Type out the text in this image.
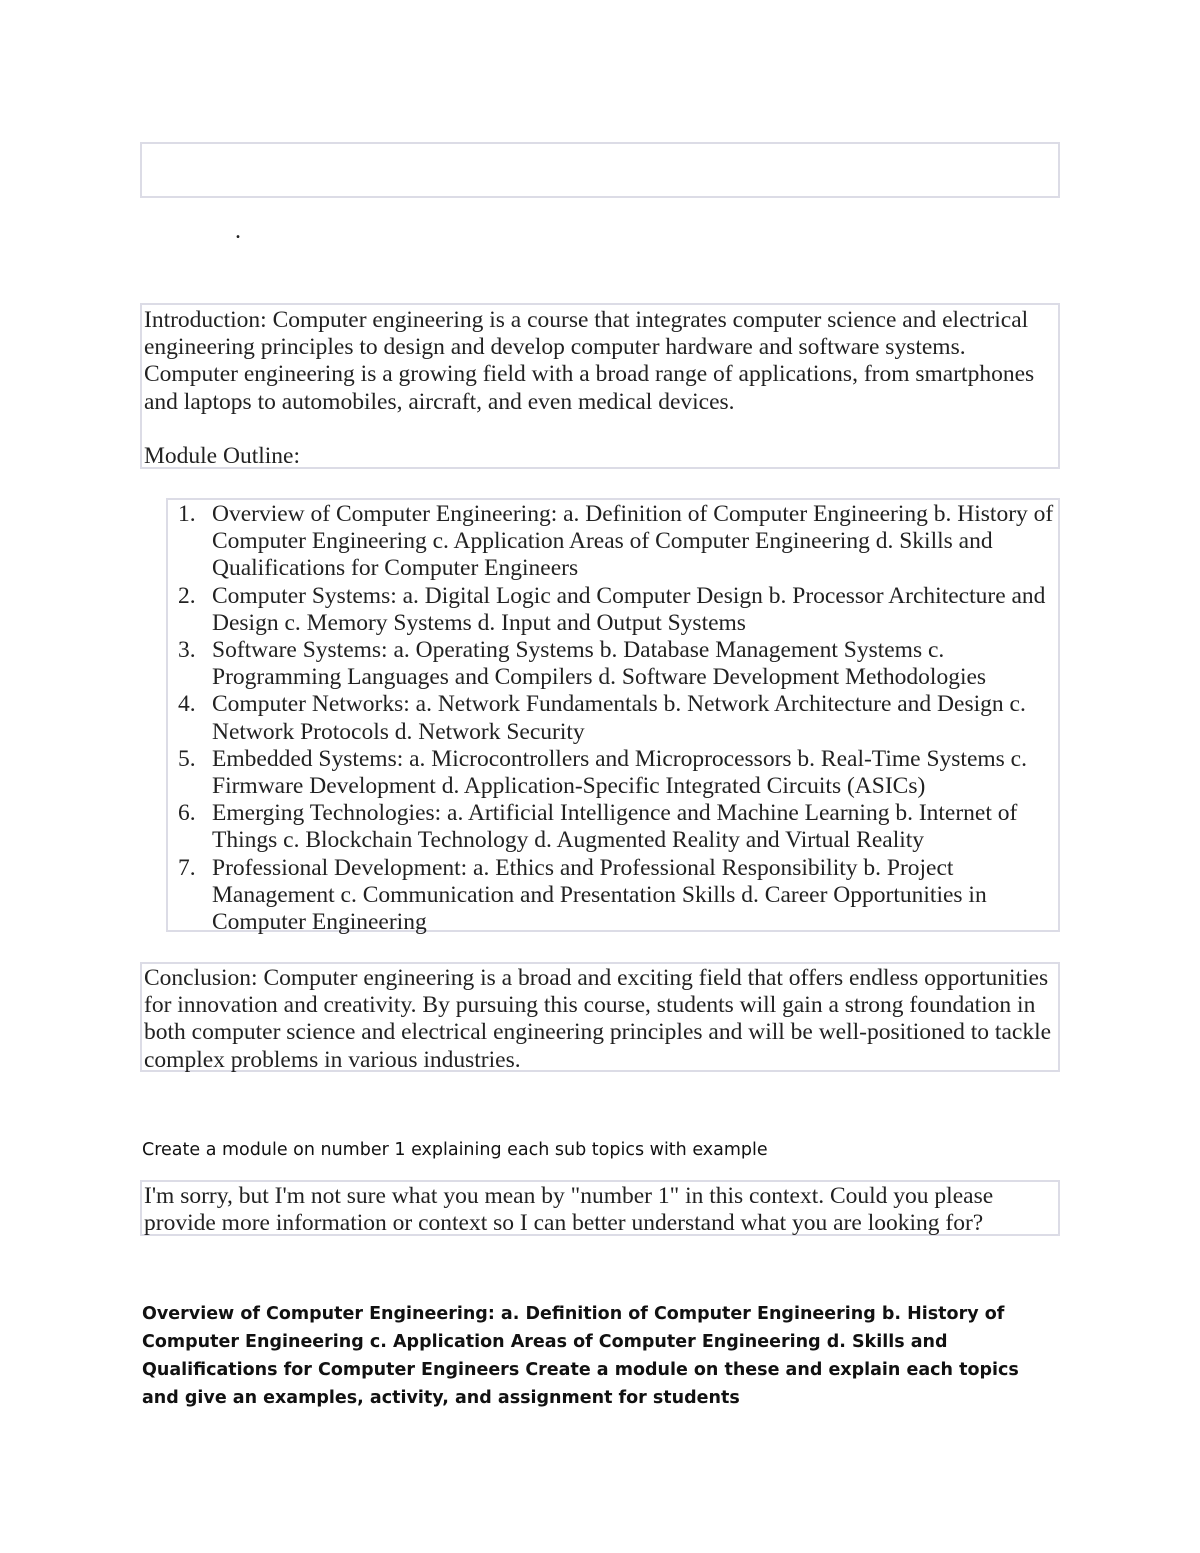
.

Introduction: Computer engineering is a course that integrates computer science and electrical engineering principles to design and develop computer hardware and software systems. Computer engineering is a growing field with a broad range of applications, from smartphones and laptops to automobiles, aircraft, and even medical devices.

Module Outline:

1. Overview of Computer Engineering: a. Definition of Computer Engineering b. History of Computer Engineering c. Application Areas of Computer Engineering d. Skills and Qualifications for Computer Engineers
2. Computer Systems: a. Digital Logic and Computer Design b. Processor Architecture and Design c. Memory Systems d. Input and Output Systems
3. Software Systems: a. Operating Systems b. Database Management Systems c. Programming Languages and Compilers d. Software Development Methodologies
4. Computer Networks: a. Network Fundamentals b. Network Architecture and Design c. Network Protocols d. Network Security
5. Embedded Systems: a. Microcontrollers and Microprocessors b. Real-Time Systems c. Firmware Development d. Application-Specific Integrated Circuits (ASICs)
6. Emerging Technologies: a. Artificial Intelligence and Machine Learning b. Internet of Things c. Blockchain Technology d. Augmented Reality and Virtual Reality
7. Professional Development: a. Ethics and Professional Responsibility b. Project Management c. Communication and Presentation Skills d. Career Opportunities in Computer Engineering

Conclusion: Computer engineering is a broad and exciting field that offers endless opportunities for innovation and creativity. By pursuing this course, students will gain a strong foundation in both computer science and electrical engineering principles and will be well-positioned to tackle complex problems in various industries.

Create a module on number 1 explaining each sub topics with example

I'm sorry, but I'm not sure what you mean by "number 1" in this context. Could you please provide more information or context so I can better understand what you are looking for?

Overview of Computer Engineering: a. Definition of Computer Engineering b. History of Computer Engineering c. Application Areas of Computer Engineering d. Skills and Qualifications for Computer Engineers Create a module on these and explain each topics and give an examples, activity, and assignment for students
